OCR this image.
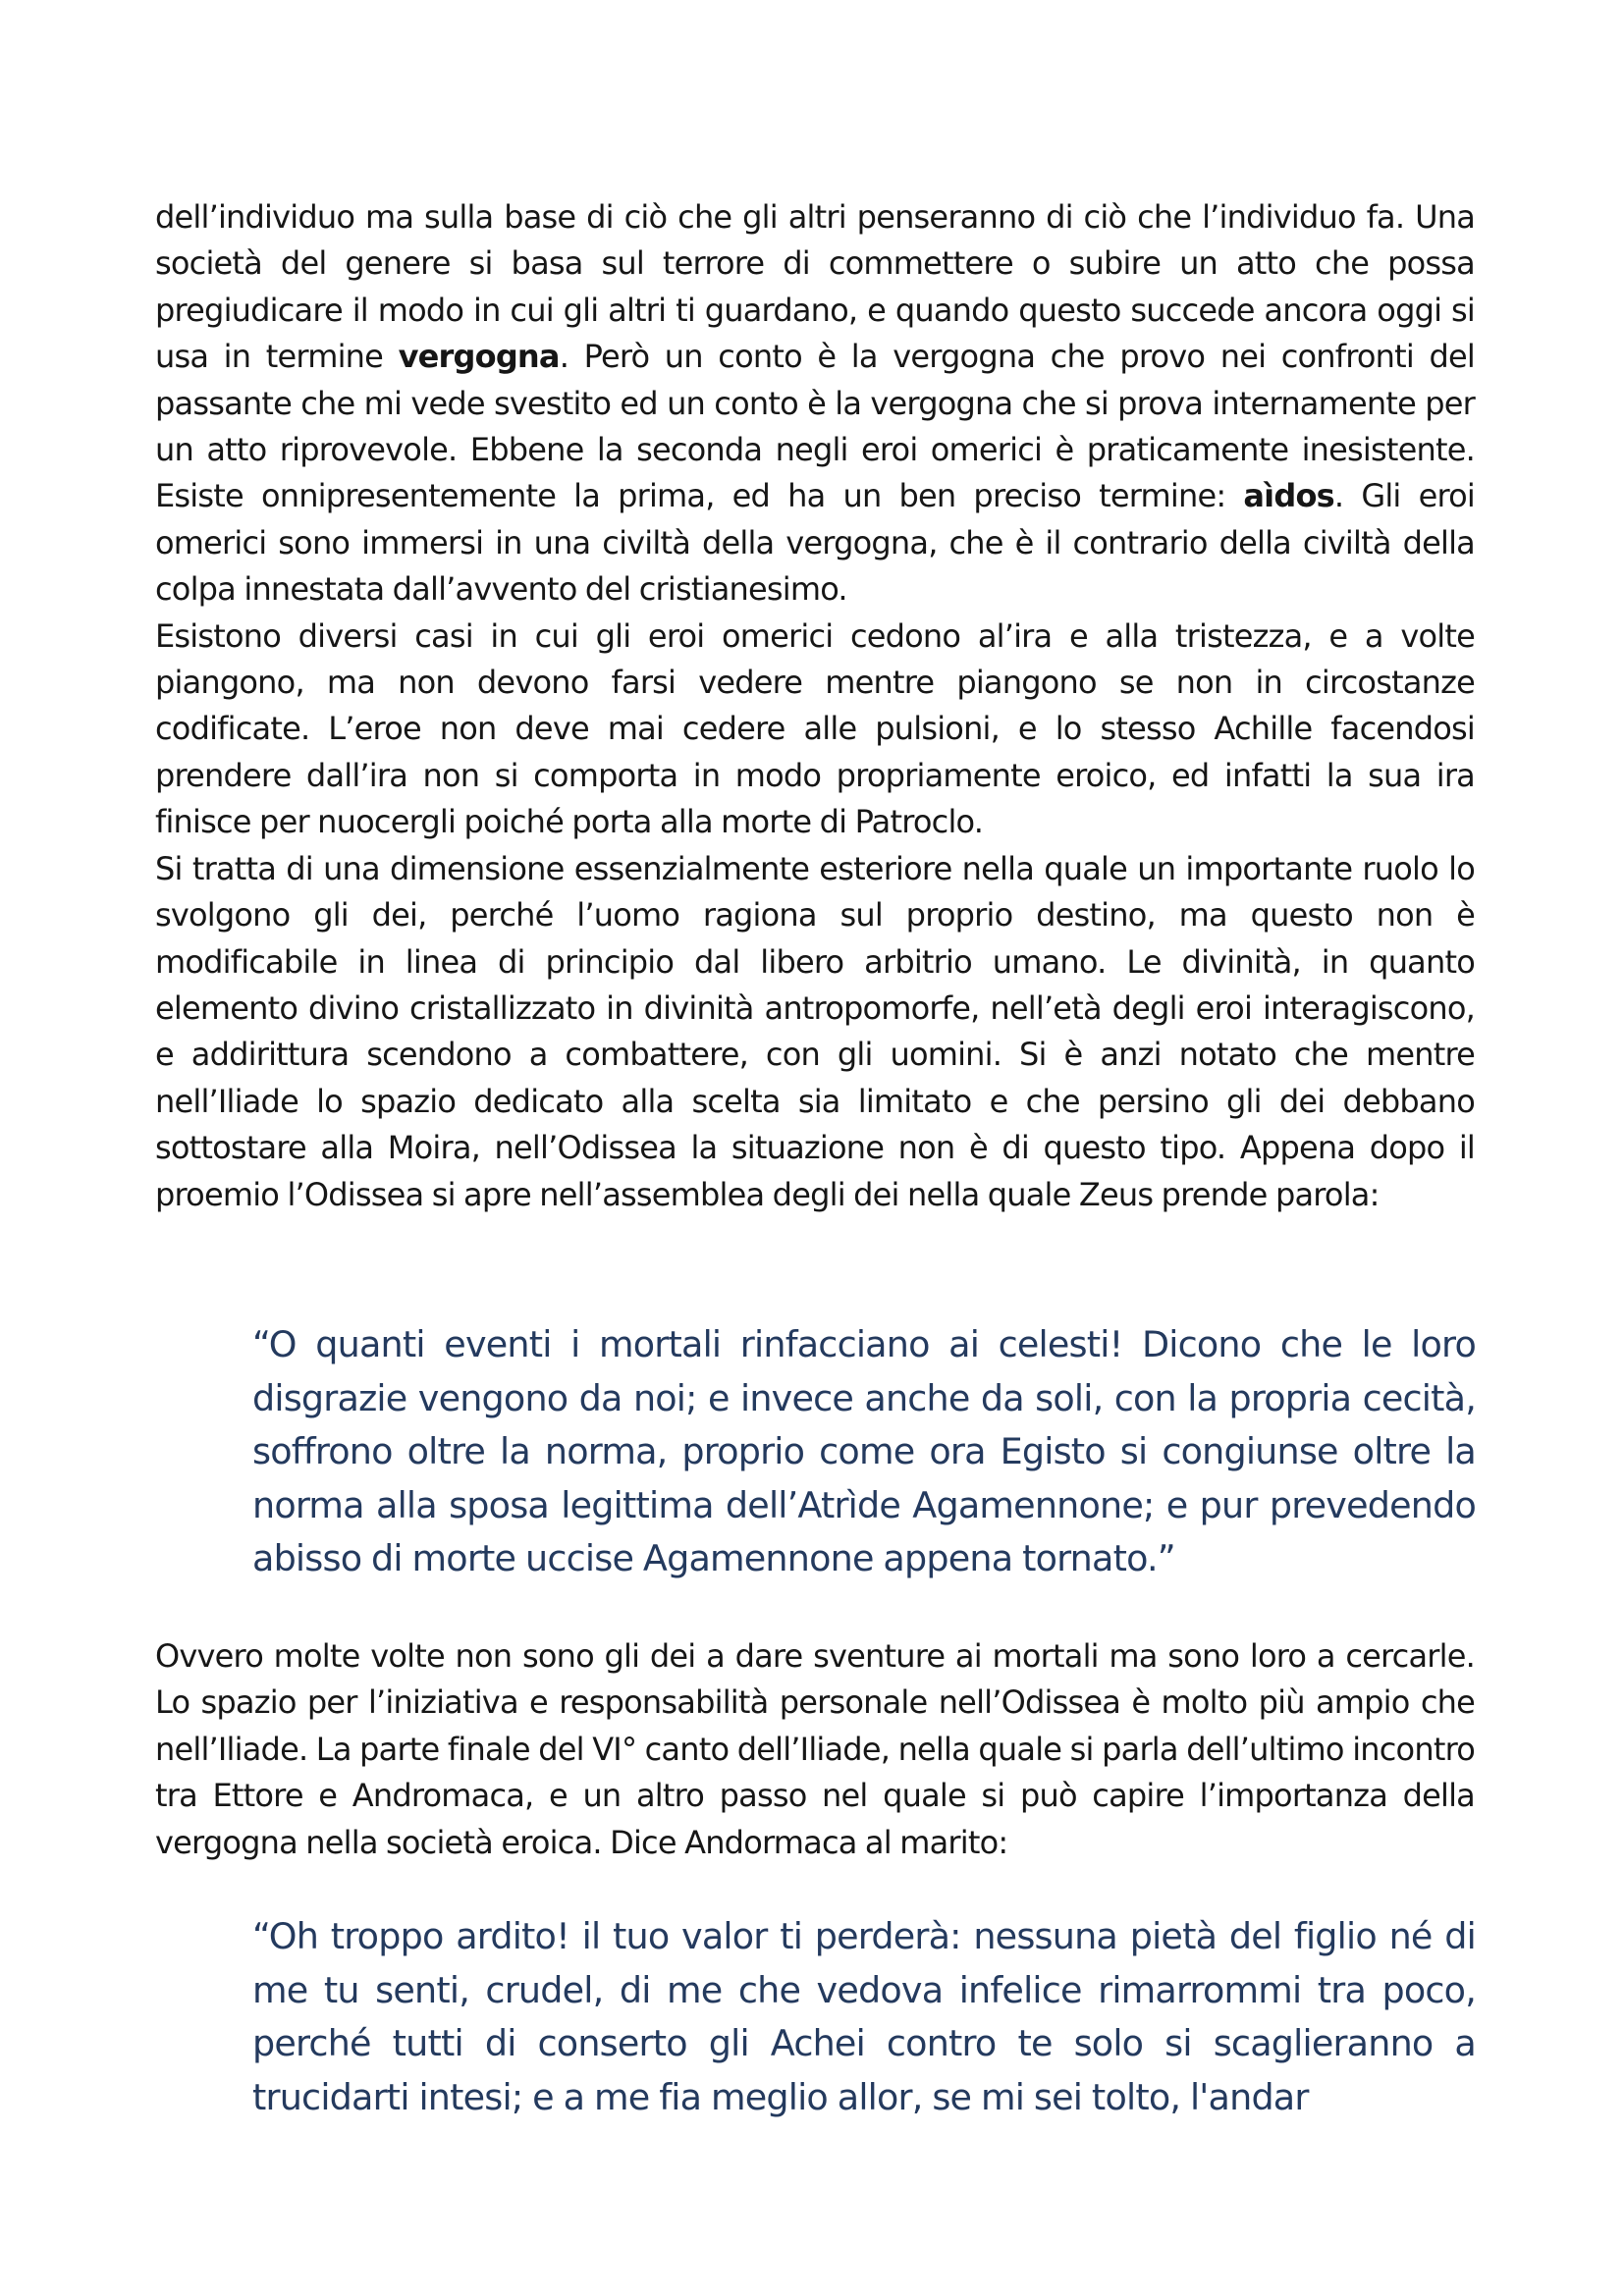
dell’individuo ma sulla base di ciò che gli altri penseranno di ciò che l’individuo fa. Una società del genere si basa sul terrore di commettere o subire un atto che possa pregiudicare il modo in cui gli altri ti guardano, e quando questo succede ancora oggi si usa in termine vergogna. Però un conto è la vergogna che provo nei confronti del passante che mi vede svestito ed un conto è la vergogna che si prova internamente per un atto riprovevole. Ebbene la seconda negli eroi omerici è praticamente inesistente. Esiste onnipresentemente la prima, ed ha un ben preciso termine: aìdos. Gli eroi omerici sono immersi in una civiltà della vergogna, che è il contrario della civiltà della colpa innestata dall’avvento del cristianesimo.

Esistono diversi casi in cui gli eroi omerici cedono al’ira e alla tristezza, e a volte piangono, ma non devono farsi vedere mentre piangono se non in circostanze codificate. L’eroe non deve mai cedere alle pulsioni, e lo stesso Achille facendosi prendere dall’ira non si comporta in modo propriamente eroico, ed infatti la sua ira finisce per nuocergli poiché porta alla morte di Patroclo.

Si tratta di una dimensione essenzialmente esteriore nella quale un importante ruolo lo svolgono gli dei, perché l’uomo ragiona sul proprio destino, ma questo non è modificabile in linea di principio dal libero arbitrio umano. Le divinità, in quanto elemento divino cristallizzato in divinità antropomorfe, nell’età degli eroi interagiscono, e addirittura scendono a combattere, con gli uomini. Si è anzi notato che mentre nell’Iliade lo spazio dedicato alla scelta sia limitato e che persino gli dei debbano sottostare alla Moira, nell’Odissea la situazione non è di questo tipo. Appena dopo il proemio l’Odissea si apre nell’assemblea degli dei nella quale Zeus prende parola:

“O quanti eventi i mortali rinfacciano ai celesti! Dicono che le loro disgrazie vengono da noi; e invece anche da soli, con la propria cecità, soffrono oltre la norma, proprio come ora Egisto si congiunse oltre la norma alla sposa legittima dell’Atrìde Agamennone; e pur prevedendo abisso di morte uccise Agamennone appena tornato.”

Ovvero molte volte non sono gli dei a dare sventure ai mortali ma sono loro a cercarle. Lo spazio per l’iniziativa e responsabilità personale nell’Odissea è molto più ampio che nell’Iliade. La parte finale del VI° canto dell’Iliade, nella quale si parla dell’ultimo incontro tra Ettore e Andromaca, e un altro passo nel quale si può capire l’importanza della vergogna nella società eroica. Dice Andormaca al marito:

“Oh troppo ardito! il tuo valor ti perderà: nessuna pietà del figlio né di me tu senti, crudel, di me che vedova infelice rimarrommi tra poco, perché tutti di conserto gli Achei contro te solo si scaglieranno a trucidarti intesi; e a me fia meglio allor, se mi sei tolto, l'andar
